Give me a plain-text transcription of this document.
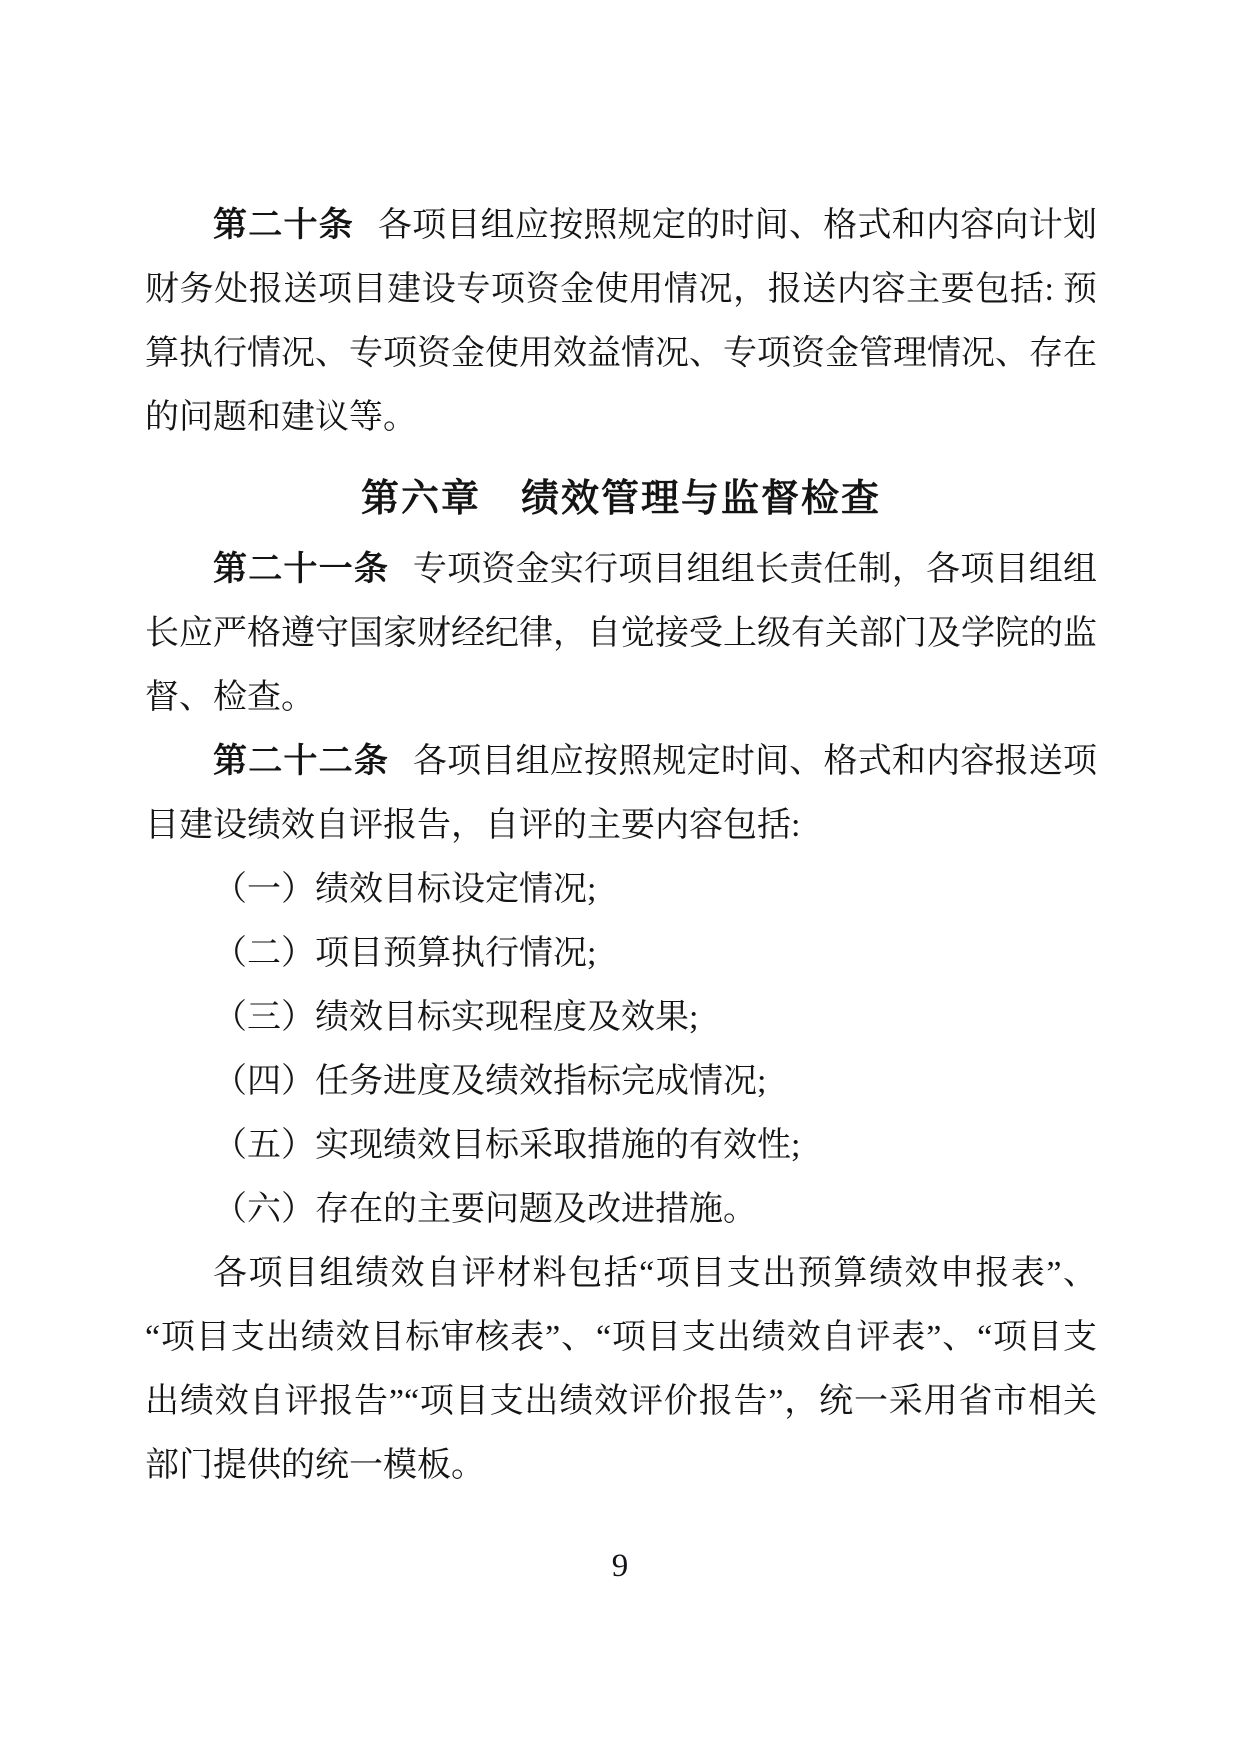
第二十条 各项目组应按照规定的时间、格式和内容向计划财务处报送项目建设专项资金使用情况，报送内容主要包括: 预算执行情况、专项资金使用效益情况、专项资金管理情况、存在的问题和建议等。

第六章　绩效管理与监督检查

第二十一条 专项资金实行项目组组长责任制，各项目组组长应严格遵守国家财经纪律，自觉接受上级有关部门及学院的监督、检查。

第二十二条 各项目组应按照规定时间、格式和内容报送项目建设绩效自评报告，自评的主要内容包括:

（一）绩效目标设定情况;

（二）项目预算执行情况;

（三）绩效目标实现程度及效果;

（四）任务进度及绩效指标完成情况;

（五）实现绩效目标采取措施的有效性;

（六）存在的主要问题及改进措施。

各项目组绩效自评材料包括“项目支出预算绩效申报表”、“项目支出绩效目标审核表”、“项目支出绩效自评表”、“项目支出绩效自评报告”“项目支出绩效评价报告”，统一采用省市相关部门提供的统一模板。

9
